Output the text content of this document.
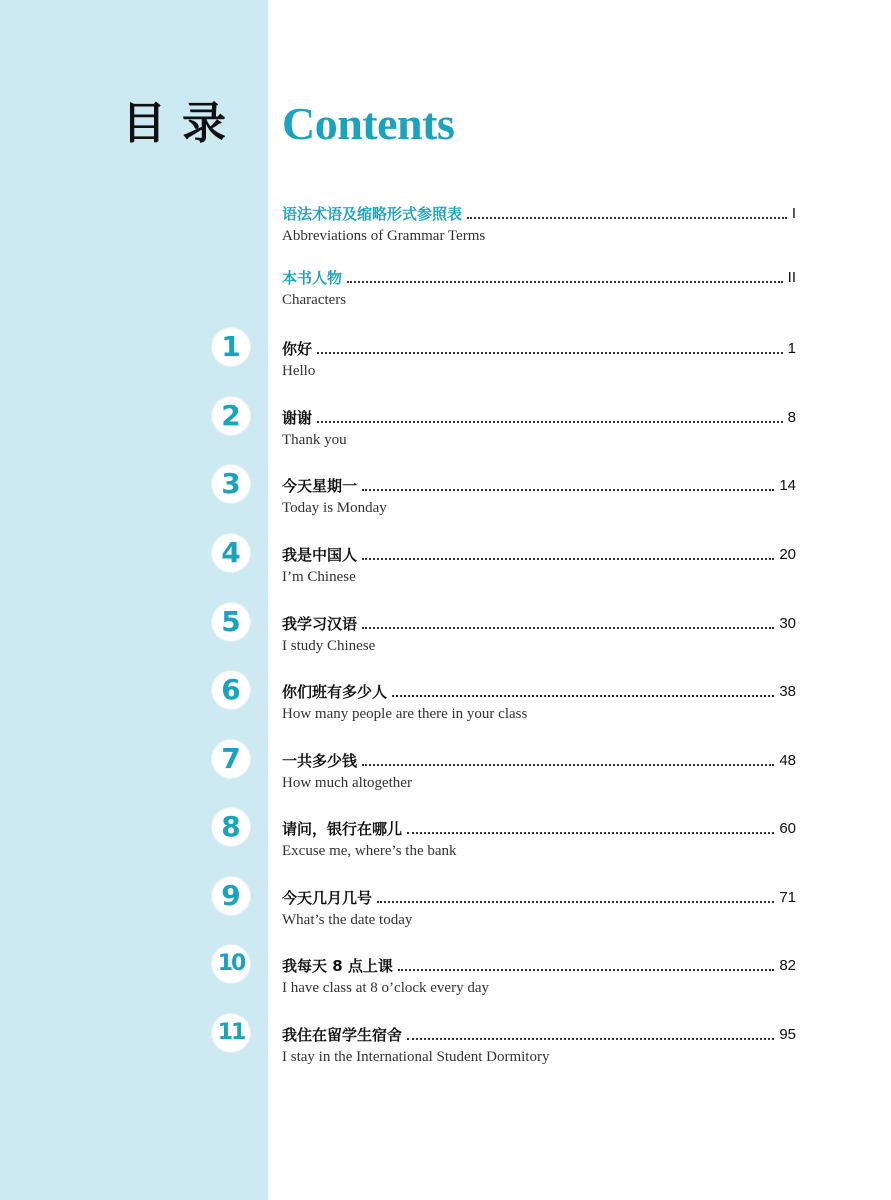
目录 Contents
语法术语及缩略形式参照表	I
Abbreviations of Grammar Terms
本书人物	II
Characters
1	你好	1
Hello
2	谢谢	8
Thank you
3	今天星期一	14
Today is Monday
4	我是中国人	20
I’m Chinese
5	我学习汉语	30
I study Chinese
6	你们班有多少人	38
How many people are there in your class
7	一共多少钱	48
How much altogether
8	请问，银行在哪儿	60
Excuse me, where’s the bank
9	今天几月几号	71
What’s the date today
10	我每天 8 点上课	82
I have class at 8 o’clock every day
11	我住在留学生宿舍	95
I stay in the International Student Dormitory
